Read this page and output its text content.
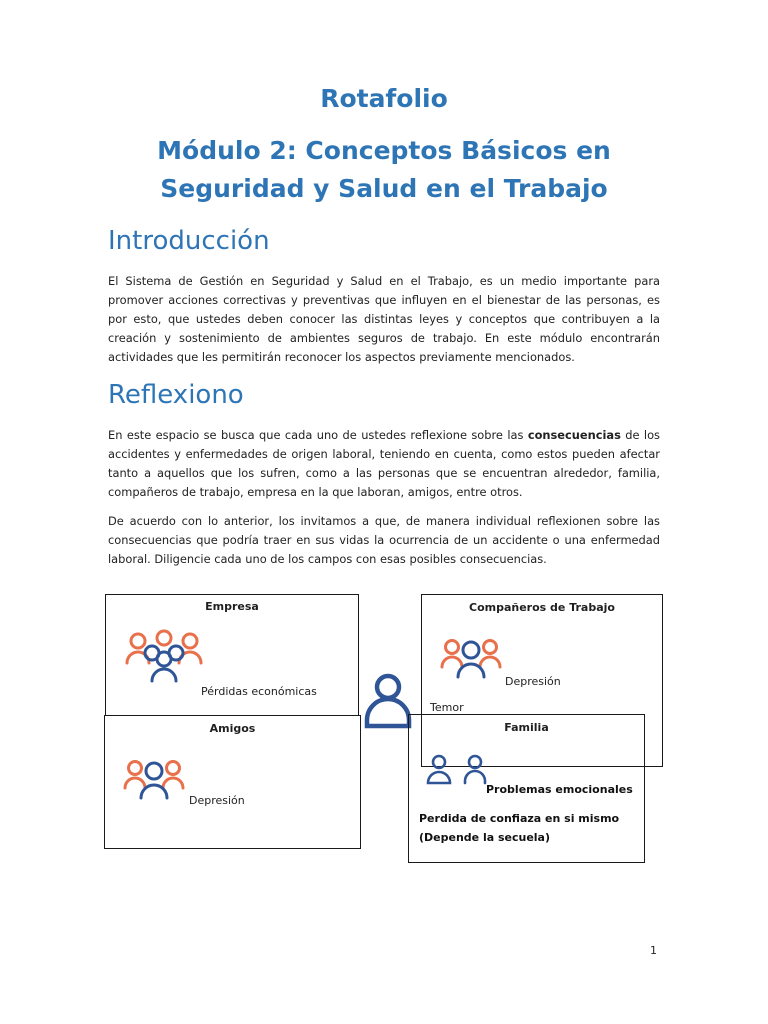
Rotafolio
Módulo 2: Conceptos Básicos en
Seguridad y Salud en el Trabajo
Introducción
El Sistema de Gestión en Seguridad y Salud en el Trabajo, es un medio importante para promover acciones correctivas y preventivas que influyen en el bienestar de las personas, es por esto, que ustedes deben conocer las distintas leyes y conceptos que contribuyen a la creación y sostenimiento de ambientes seguros de trabajo. En este módulo encontrarán actividades que les permitirán reconocer los aspectos previamente mencionados.
Reflexiono
En este espacio se busca que cada uno de ustedes reflexione sobre las consecuencias de los accidentes y enfermedades de origen laboral, teniendo en cuenta, como estos pueden afectar tanto a aquellos que los sufren, como a las personas que se encuentran alrededor, familia, compañeros de trabajo, empresa en la que laboran, amigos, entre otros.
De acuerdo con lo anterior, los invitamos a que, de manera individual reflexionen sobre las consecuencias que podría traer en sus vidas la ocurrencia de un accidente o una enfermedad laboral. Diligencie cada uno de los campos con esas posibles consecuencias.
Empresa
Pérdidas económicas
Compañeros de Trabajo
Depresión
Temor
Amigos
Depresión
Familia
Problemas emocionales
Perdida de confiaza en si mismo
(Depende la secuela)
1
